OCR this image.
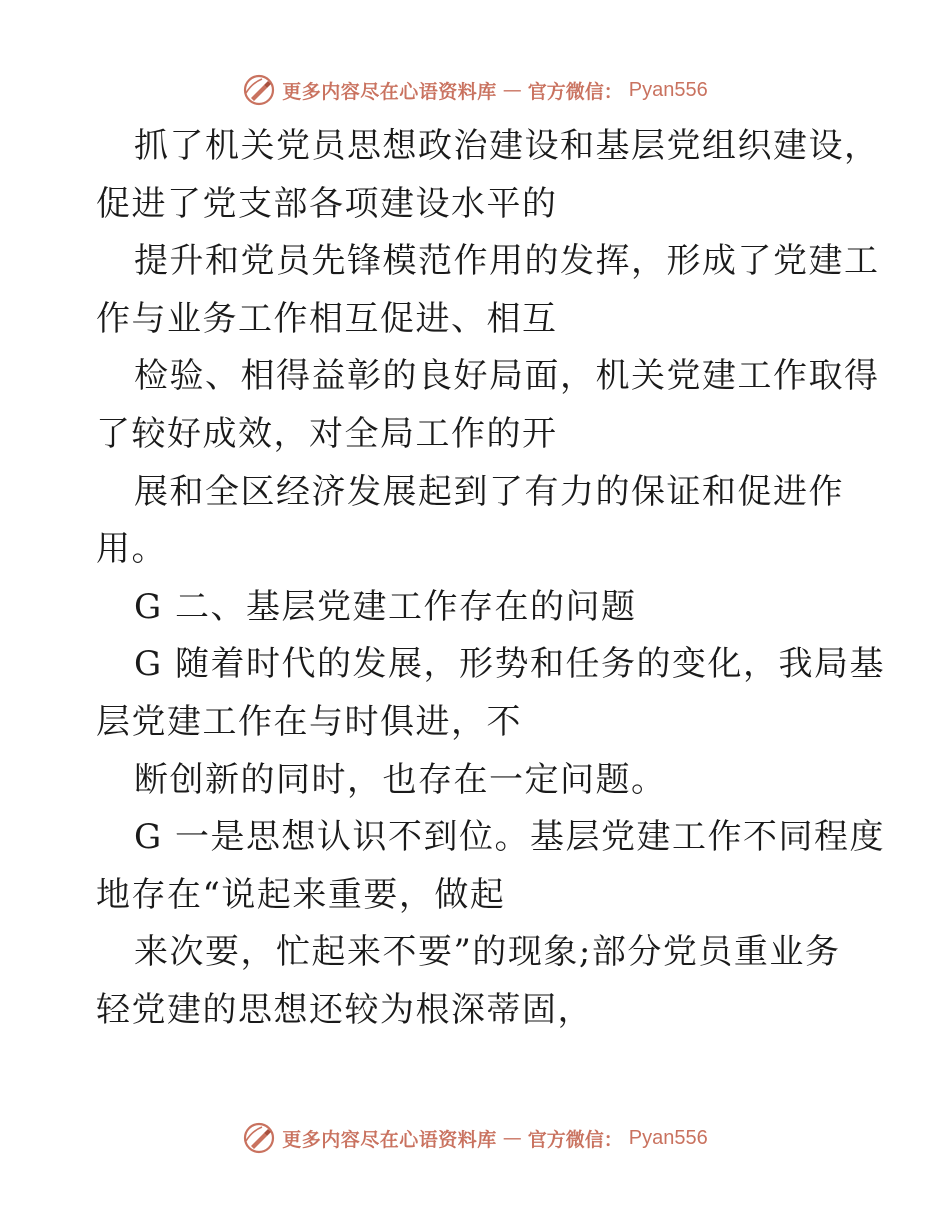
更多内容尽在心语资料库 — 官方微信： Pyan556

抓了机关党员思想政治建设和基层党组织建设，

促进了党支部各项建设水平的

提升和党员先锋模范作用的发挥，形成了党建工

作与业务工作相互促进、相互

检验、相得益彰的良好局面，机关党建工作取得

了较好成效，对全局工作的开

展和全区经济发展起到了有力的保证和促进作

用。

G 二、基层党建工作存在的问题

G 随着时代的发展，形势和任务的变化，我局基

层党建工作在与时俱进，不

断创新的同时，也存在一定问题。

G 一是思想认识不到位。基层党建工作不同程度

地存在“说起来重要，做起

来次要，忙起来不要”的现象;部分党员重业务

轻党建的思想还较为根深蒂固，

更多内容尽在心语资料库 — 官方微信： Pyan556
